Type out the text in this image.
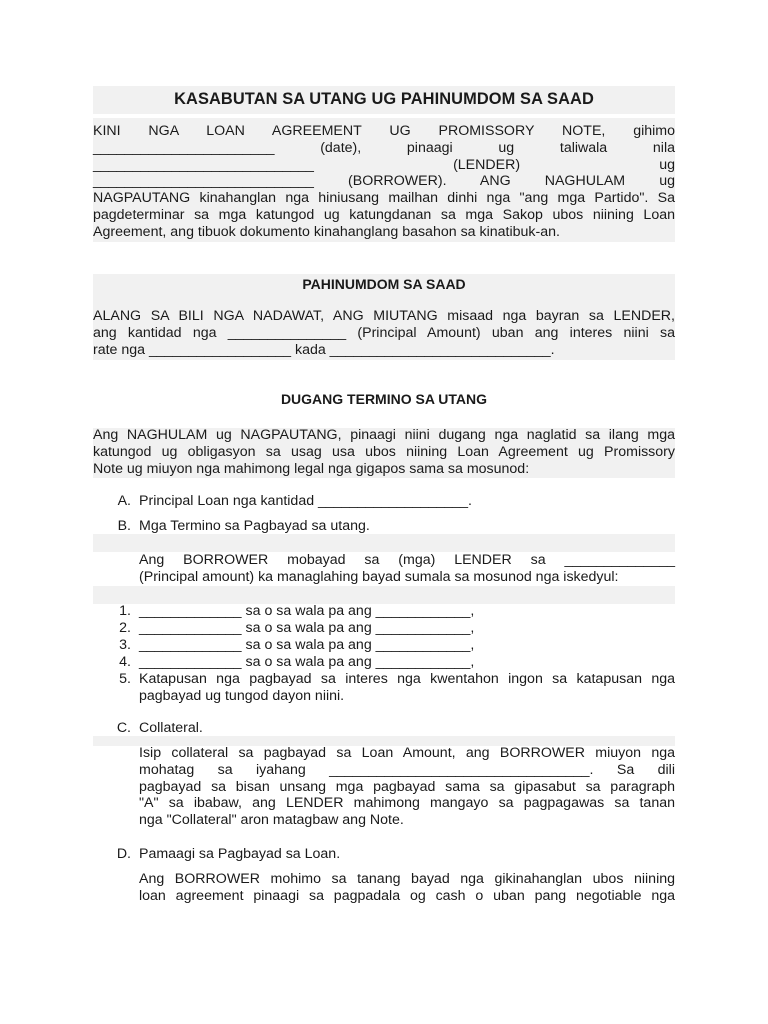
KASABUTAN SA UTANG UG PAHINUMDOM SA SAAD

KINI NGA LOAN AGREEMENT UG PROMISSORY NOTE, gihimo

_______________________ (date), pinaagi ug taliwala nila

____________________________ (LENDER) ug

____________________________ (BORROWER). ANG NAGHULAM ug

NAGPAUTANG kinahanglan nga hiniusang mailhan dinhi nga "ang mga Partido". Sa

pagdeterminar sa mga katungod ug katungdanan sa mga Sakop ubos niining Loan

Agreement, ang tibuok dokumento kinahanglang basahon sa kinatibuk-an.

PAHINUMDOM SA SAAD

ALANG SA BILI NGA NADAWAT, ANG MIUTANG misaad nga bayran sa LENDER,

ang kantidad nga _______________ (Principal Amount) uban ang interes niini sa

rate nga __________________ kada ____________________________.

DUGANG TERMINO SA UTANG

Ang NAGHULAM ug NAGPAUTANG, pinaagi niini dugang nga naglatid sa ilang mga

katungod ug obligasyon sa usag usa ubos niining Loan Agreement ug Promissory

Note ug miuyon nga mahimong legal nga gigapos sama sa mosunod:

A. Principal Loan nga kantidad ___________________.
B. Mga Termino sa Pagbayad sa utang.

Ang BORROWER mobayad sa (mga) LENDER sa ______________

(Principal amount) ka managlahing bayad sumala sa mosunod nga iskedyul:

1. _____________ sa o sa wala pa ang ____________,
2. _____________ sa o sa wala pa ang ____________,
3. _____________ sa o sa wala pa ang ____________,
4. _____________ sa o sa wala pa ang ____________,
5. Katapusan nga pagbayad sa interes nga kwentahon ingon sa katapusan nga

pagbayad ug tungod dayon niini.

C. Collateral.

Isip collateral sa pagbayad sa Loan Amount, ang BORROWER miuyon nga

mohatag sa iyahang _________________________________. Sa dili

pagbayad sa bisan unsang mga pagbayad sama sa gipasabut sa paragraph

"A" sa ibabaw, ang LENDER mahimong mangayo sa pagpagawas sa tanan

nga "Collateral" aron matagbaw ang Note.

D. Pamaagi sa Pagbayad sa Loan.

Ang BORROWER mohimo sa tanang bayad nga gikinahanglan ubos niining

loan agreement pinaagi sa pagpadala og cash o uban pang negotiable nga
